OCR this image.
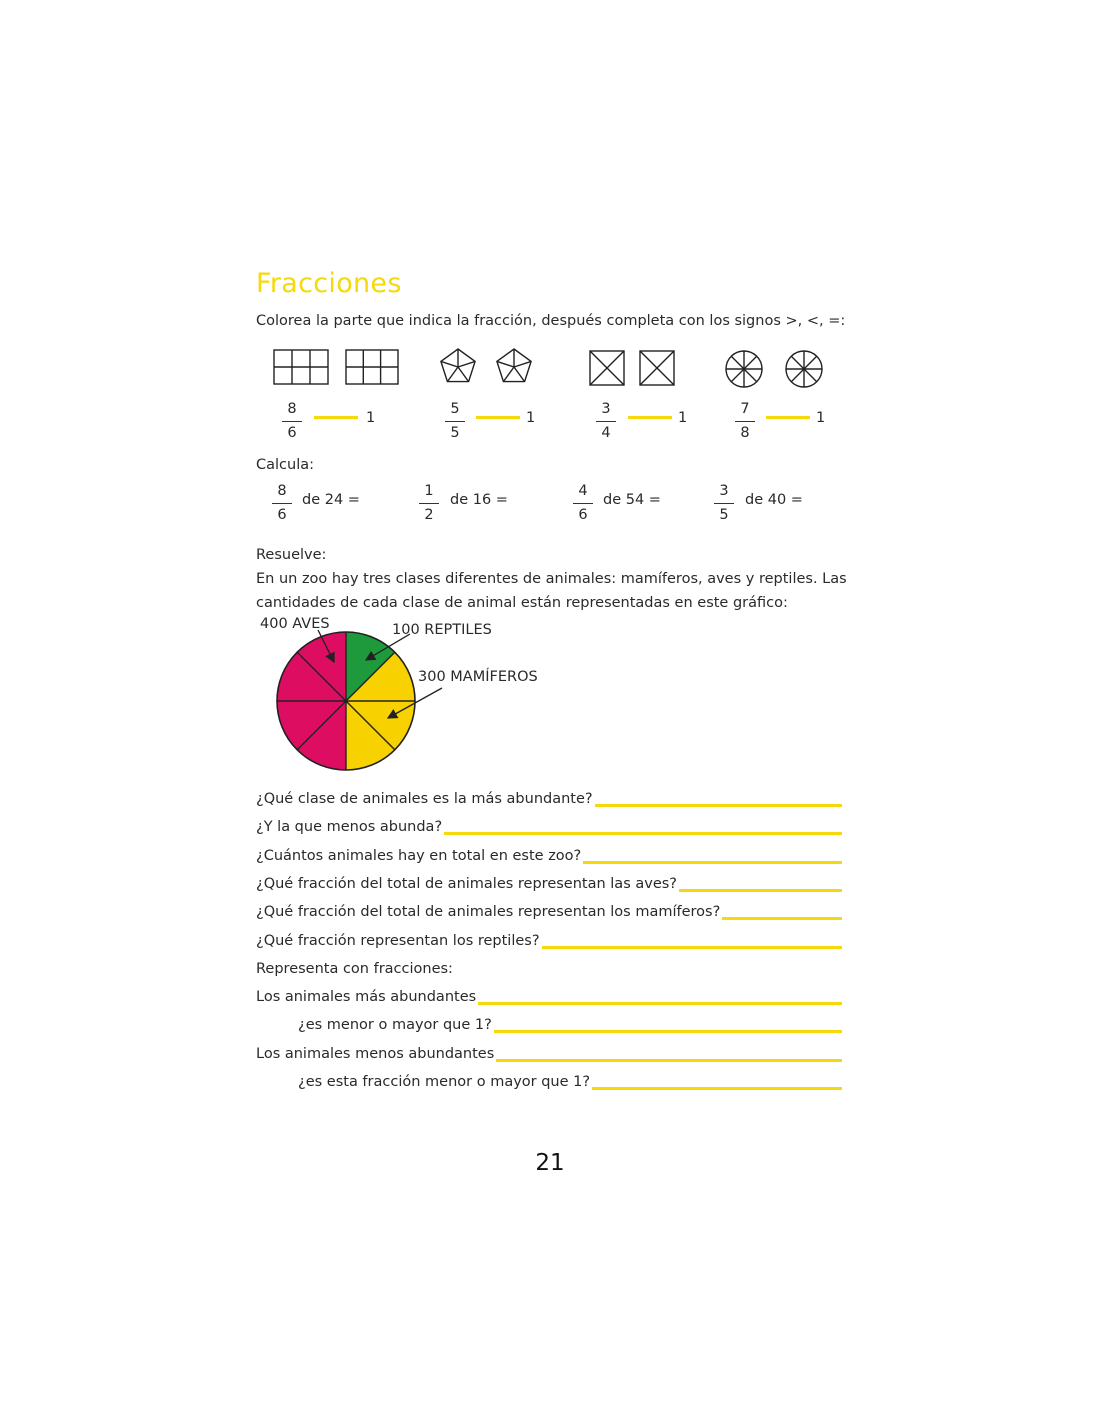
Fracciones
Colorea la parte que indica la fracción, después completa con los signos >, <, =:
8
6
1
5
5
1
3
4
1
7
8
1
Calcula:
8
6
de 24 =
1
2
de 16 =
4
6
de 54 =
3
5
de 40 =
Resuelve:
En un zoo hay tres clases diferentes de animales: mamíferos, aves y reptiles. Las
cantidades de cada clase de animal están representadas en este gráfico:
400 AVES	100 REPTILES
300 MAMÍFEROS
¿Qué clase de animales es la más abundante?
¿Y la que menos abunda?
¿Cuántos animales hay en total en este zoo?
¿Qué fracción del total de animales representan las aves?
¿Qué fracción del total de animales representan los mamíferos?
¿Qué fracción representan los reptiles?
Representa con fracciones:
Los animales más abundantes
¿es menor o mayor que 1?
Los animales menos abundantes
¿es esta fracción menor o mayor que 1?
21
